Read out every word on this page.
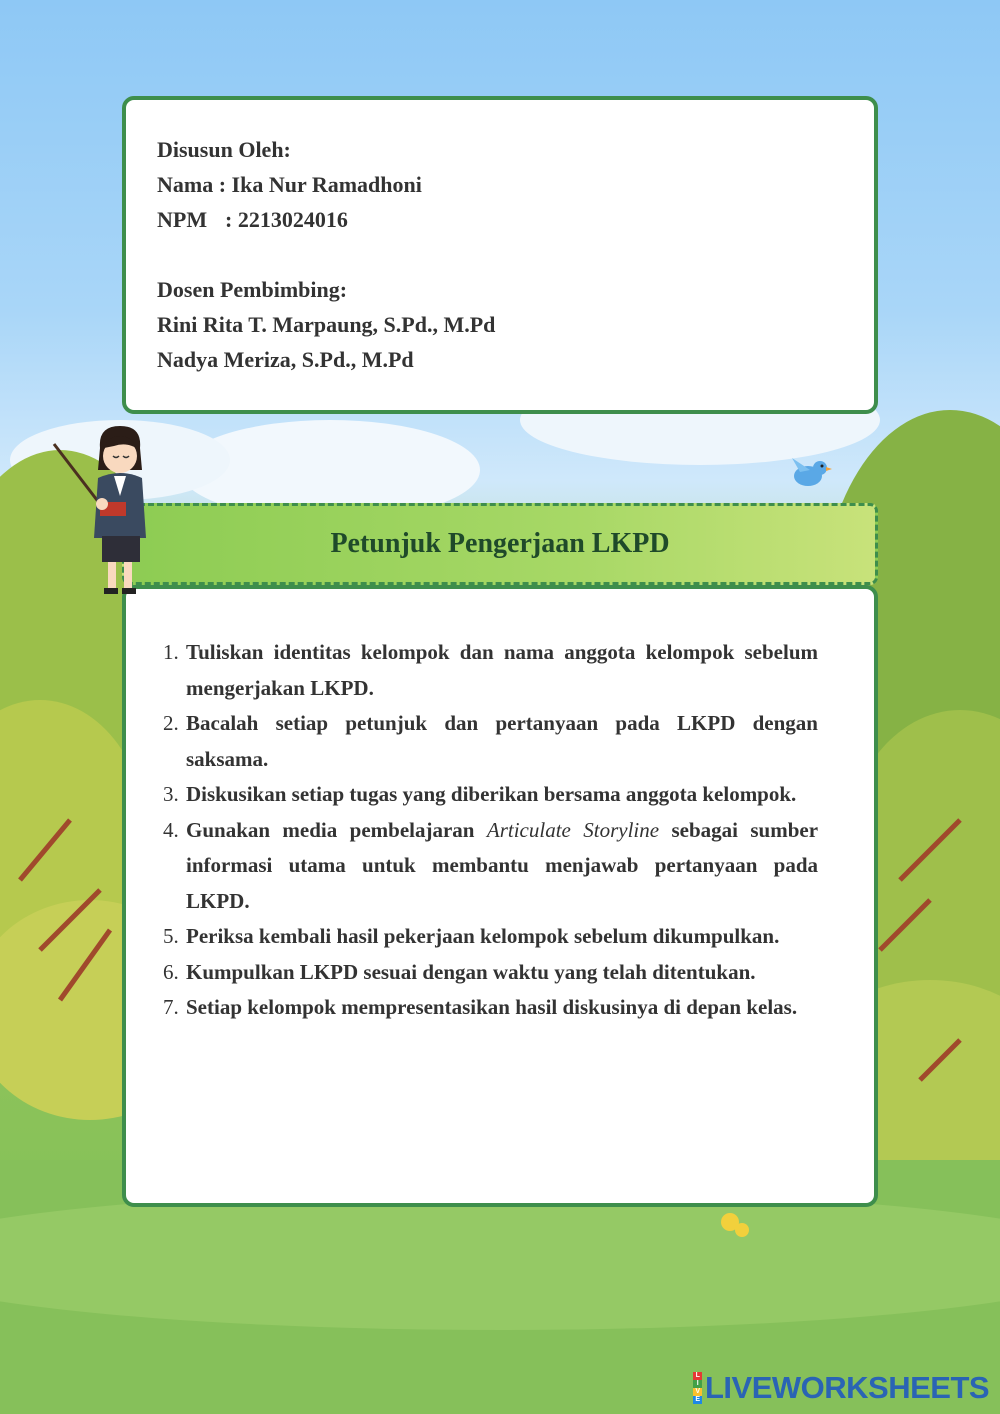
Disusun Oleh:

Nama : Ika Nur Ramadhoni

NPM : 2213024016

Dosen Pembimbing:

Rini Rita T. Marpaung, S.Pd., M.Pd

Nadya Meriza, S.Pd., M.Pd

Petunjuk Pengerjaan LKPD
1. Tuliskan identitas kelompok dan nama anggota kelompok sebelum mengerjakan LKPD.
2. Bacalah setiap petunjuk dan pertanyaan pada LKPD dengan saksama.
3. Diskusikan setiap tugas yang diberikan bersama anggota kelompok.
4. Gunakan media pembelajaran Articulate Storyline sebagai sumber informasi utama untuk membantu menjawab pertanyaan pada LKPD.
5. Periksa kembali hasil pekerjaan kelompok sebelum dikumpulkan.
6. Kumpulkan LKPD sesuai dengan waktu yang telah ditentukan.
7. Setiap kelompok mempresentasikan hasil diskusinya di depan kelas.
L
I
V
E LIVEWORKSHEETS
